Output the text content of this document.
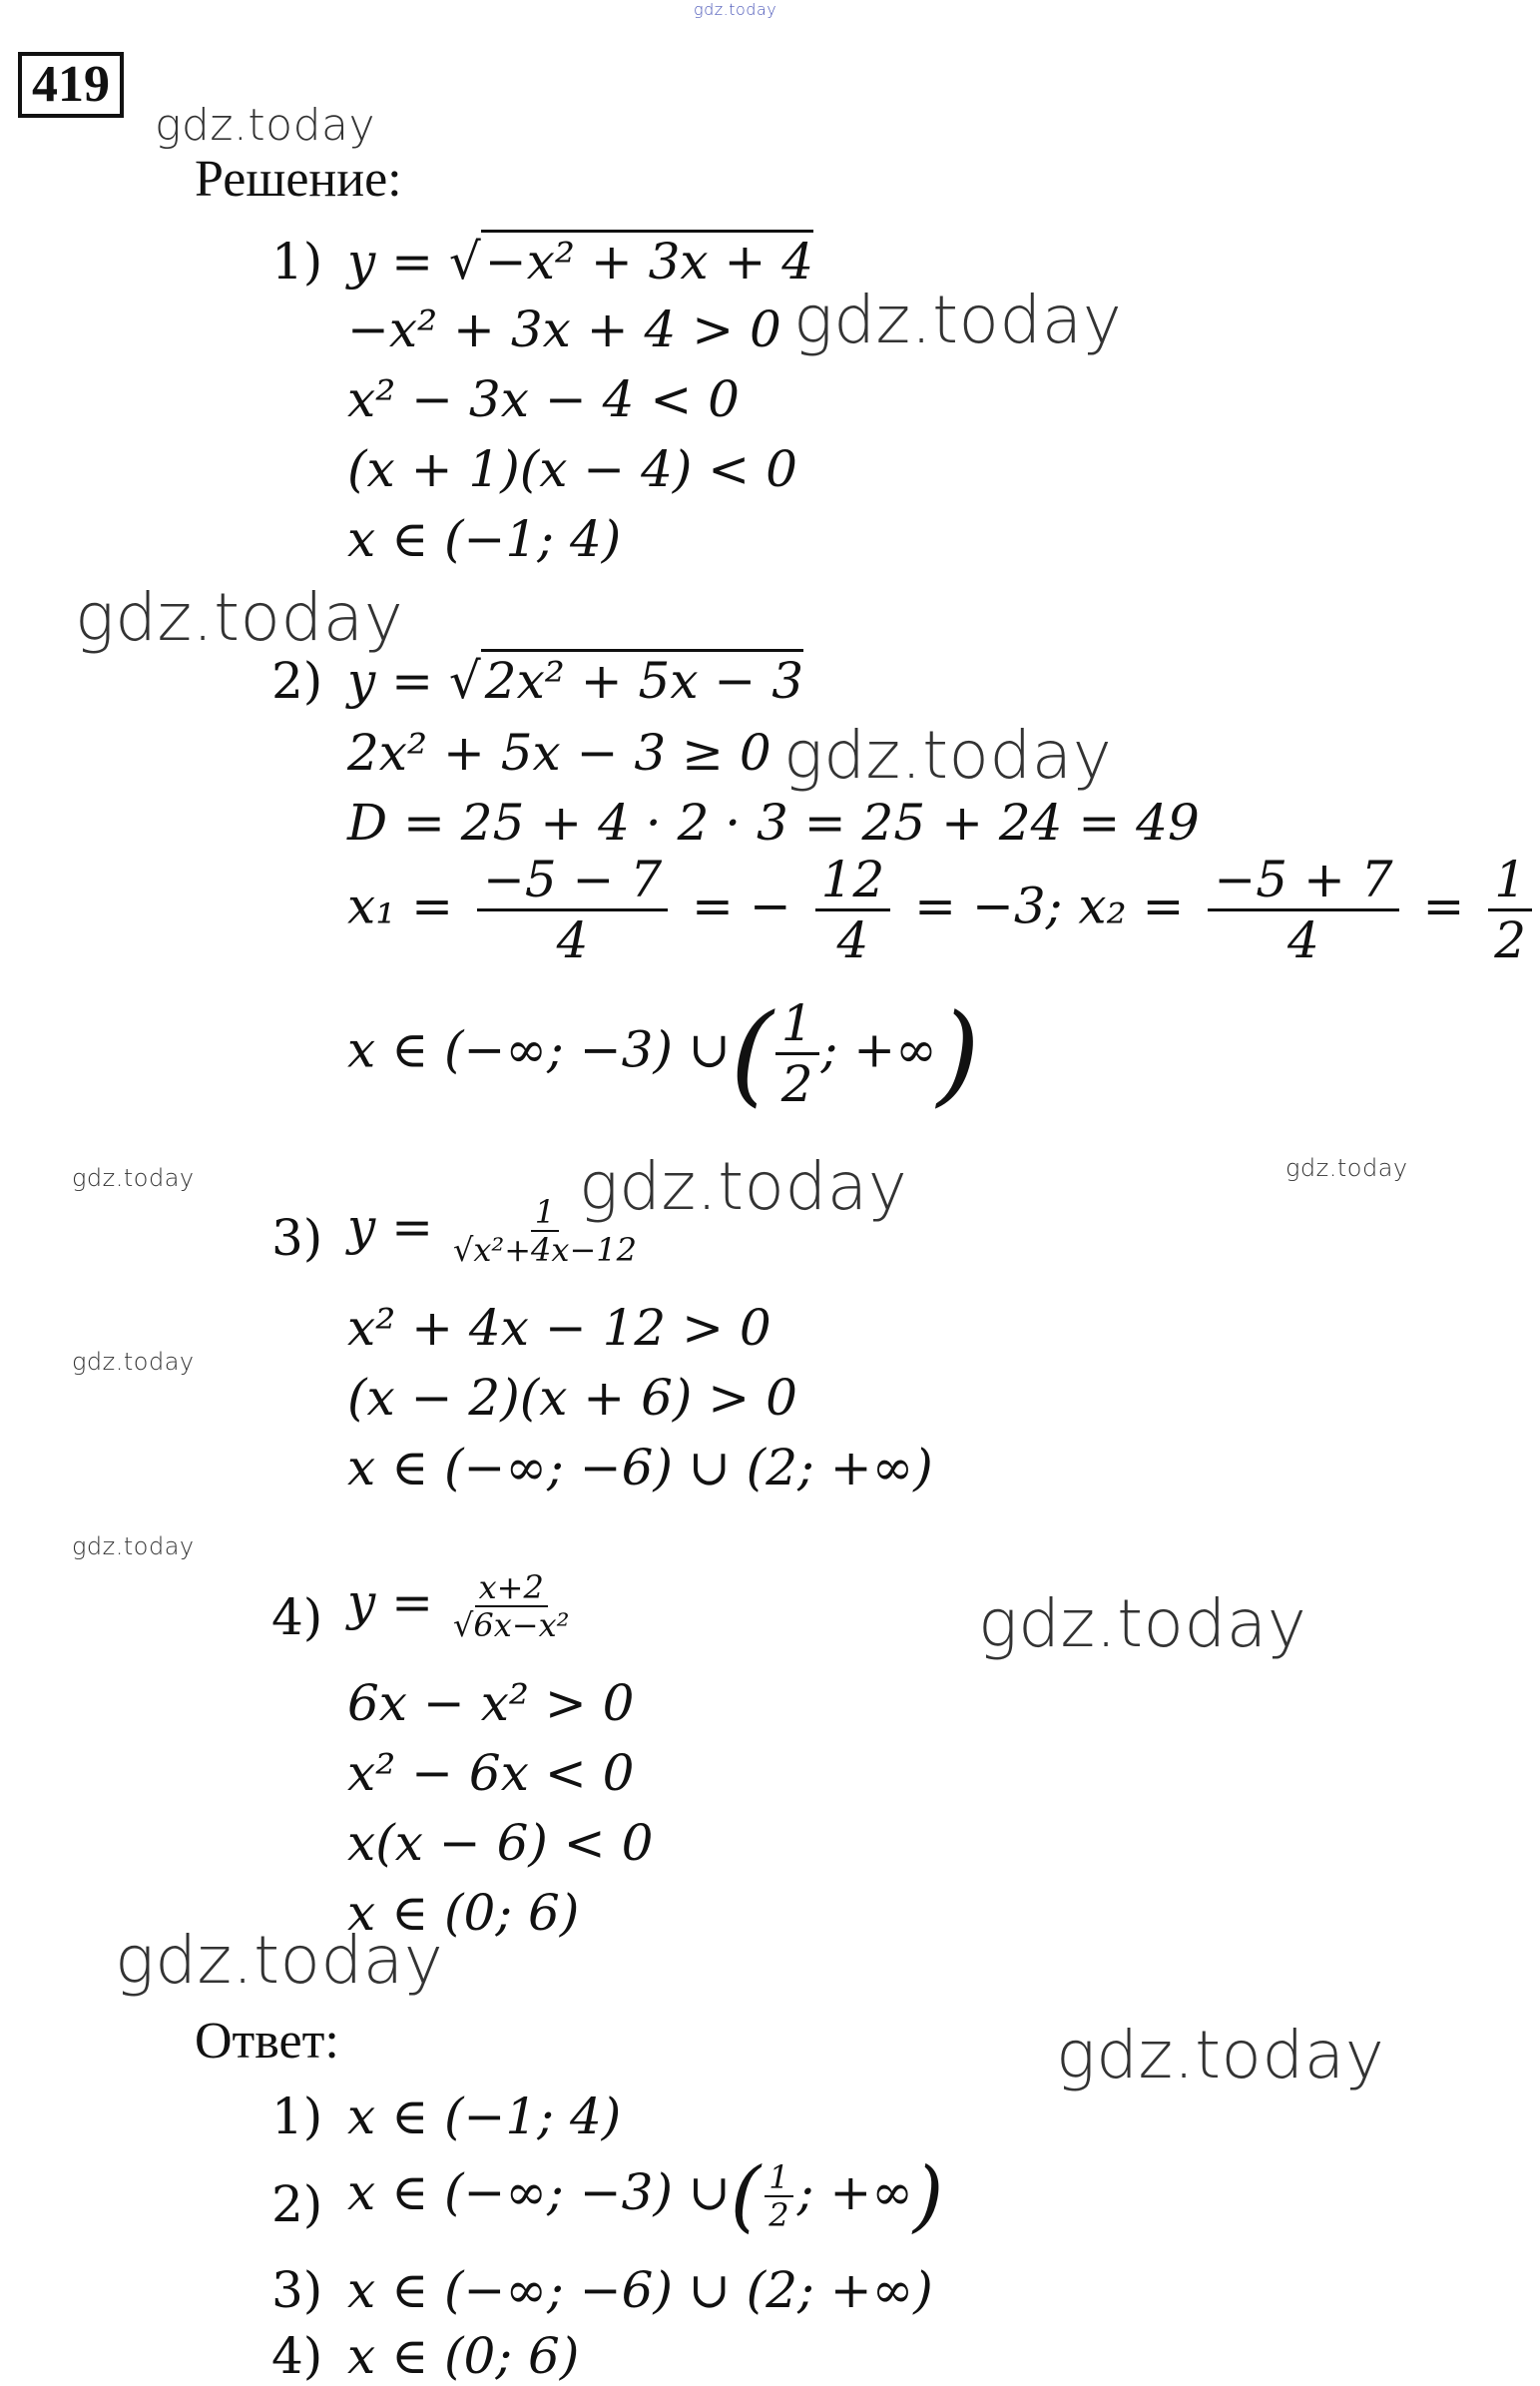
gdz.today
419
gdz.today
gdz.today
gdz.today
gdz.today
gdz.today	gdz.today	gdz.today
gdz.today
gdz.today
gdz.today
gdz.today
gdz.today
Решение:
1) y = √−x² + 3x + 4
−x² + 3x + 4 > 0
x² − 3x − 4 < 0
(x + 1)(x − 4) < 0
x ∈ (−1; 4)
2) y = √2x² + 5x − 3
2x² + 5x − 3 ≥ 0
D = 25 + 4 · 2 · 3 = 25 + 24 = 49
$x_1 = \frac{-5 - 7}{4}$ = − $\frac{12}{4} = -3$; $x_2 = \frac{-5 + 7}{4} = \frac{1}{2}$
x ∈ (−∞; −3) ∪( $\frac{1}{2}$ ; +∞)
3) $y = \frac{1}{\text{√x²+4x−12}}$
x² + 4x − 12 > 0
(x − 2)(x + 6) > 0
x ∈ (−∞; −6) ∪ (2; +∞)
4) $y = \frac{x+2}{\text{√6x−x²}}$
6x − x² > 0
x² − 6x < 0
x(x − 6) < 0
x ∈ (0; 6)
Ответ:
1) x ∈ (−1; 4)
2) x ∈ (−∞; −3) ∪( $\frac{1}{2}$ ; +∞)
3) x ∈ (−∞; −6) ∪ (2; +∞)
4) x ∈ (0; 6)
